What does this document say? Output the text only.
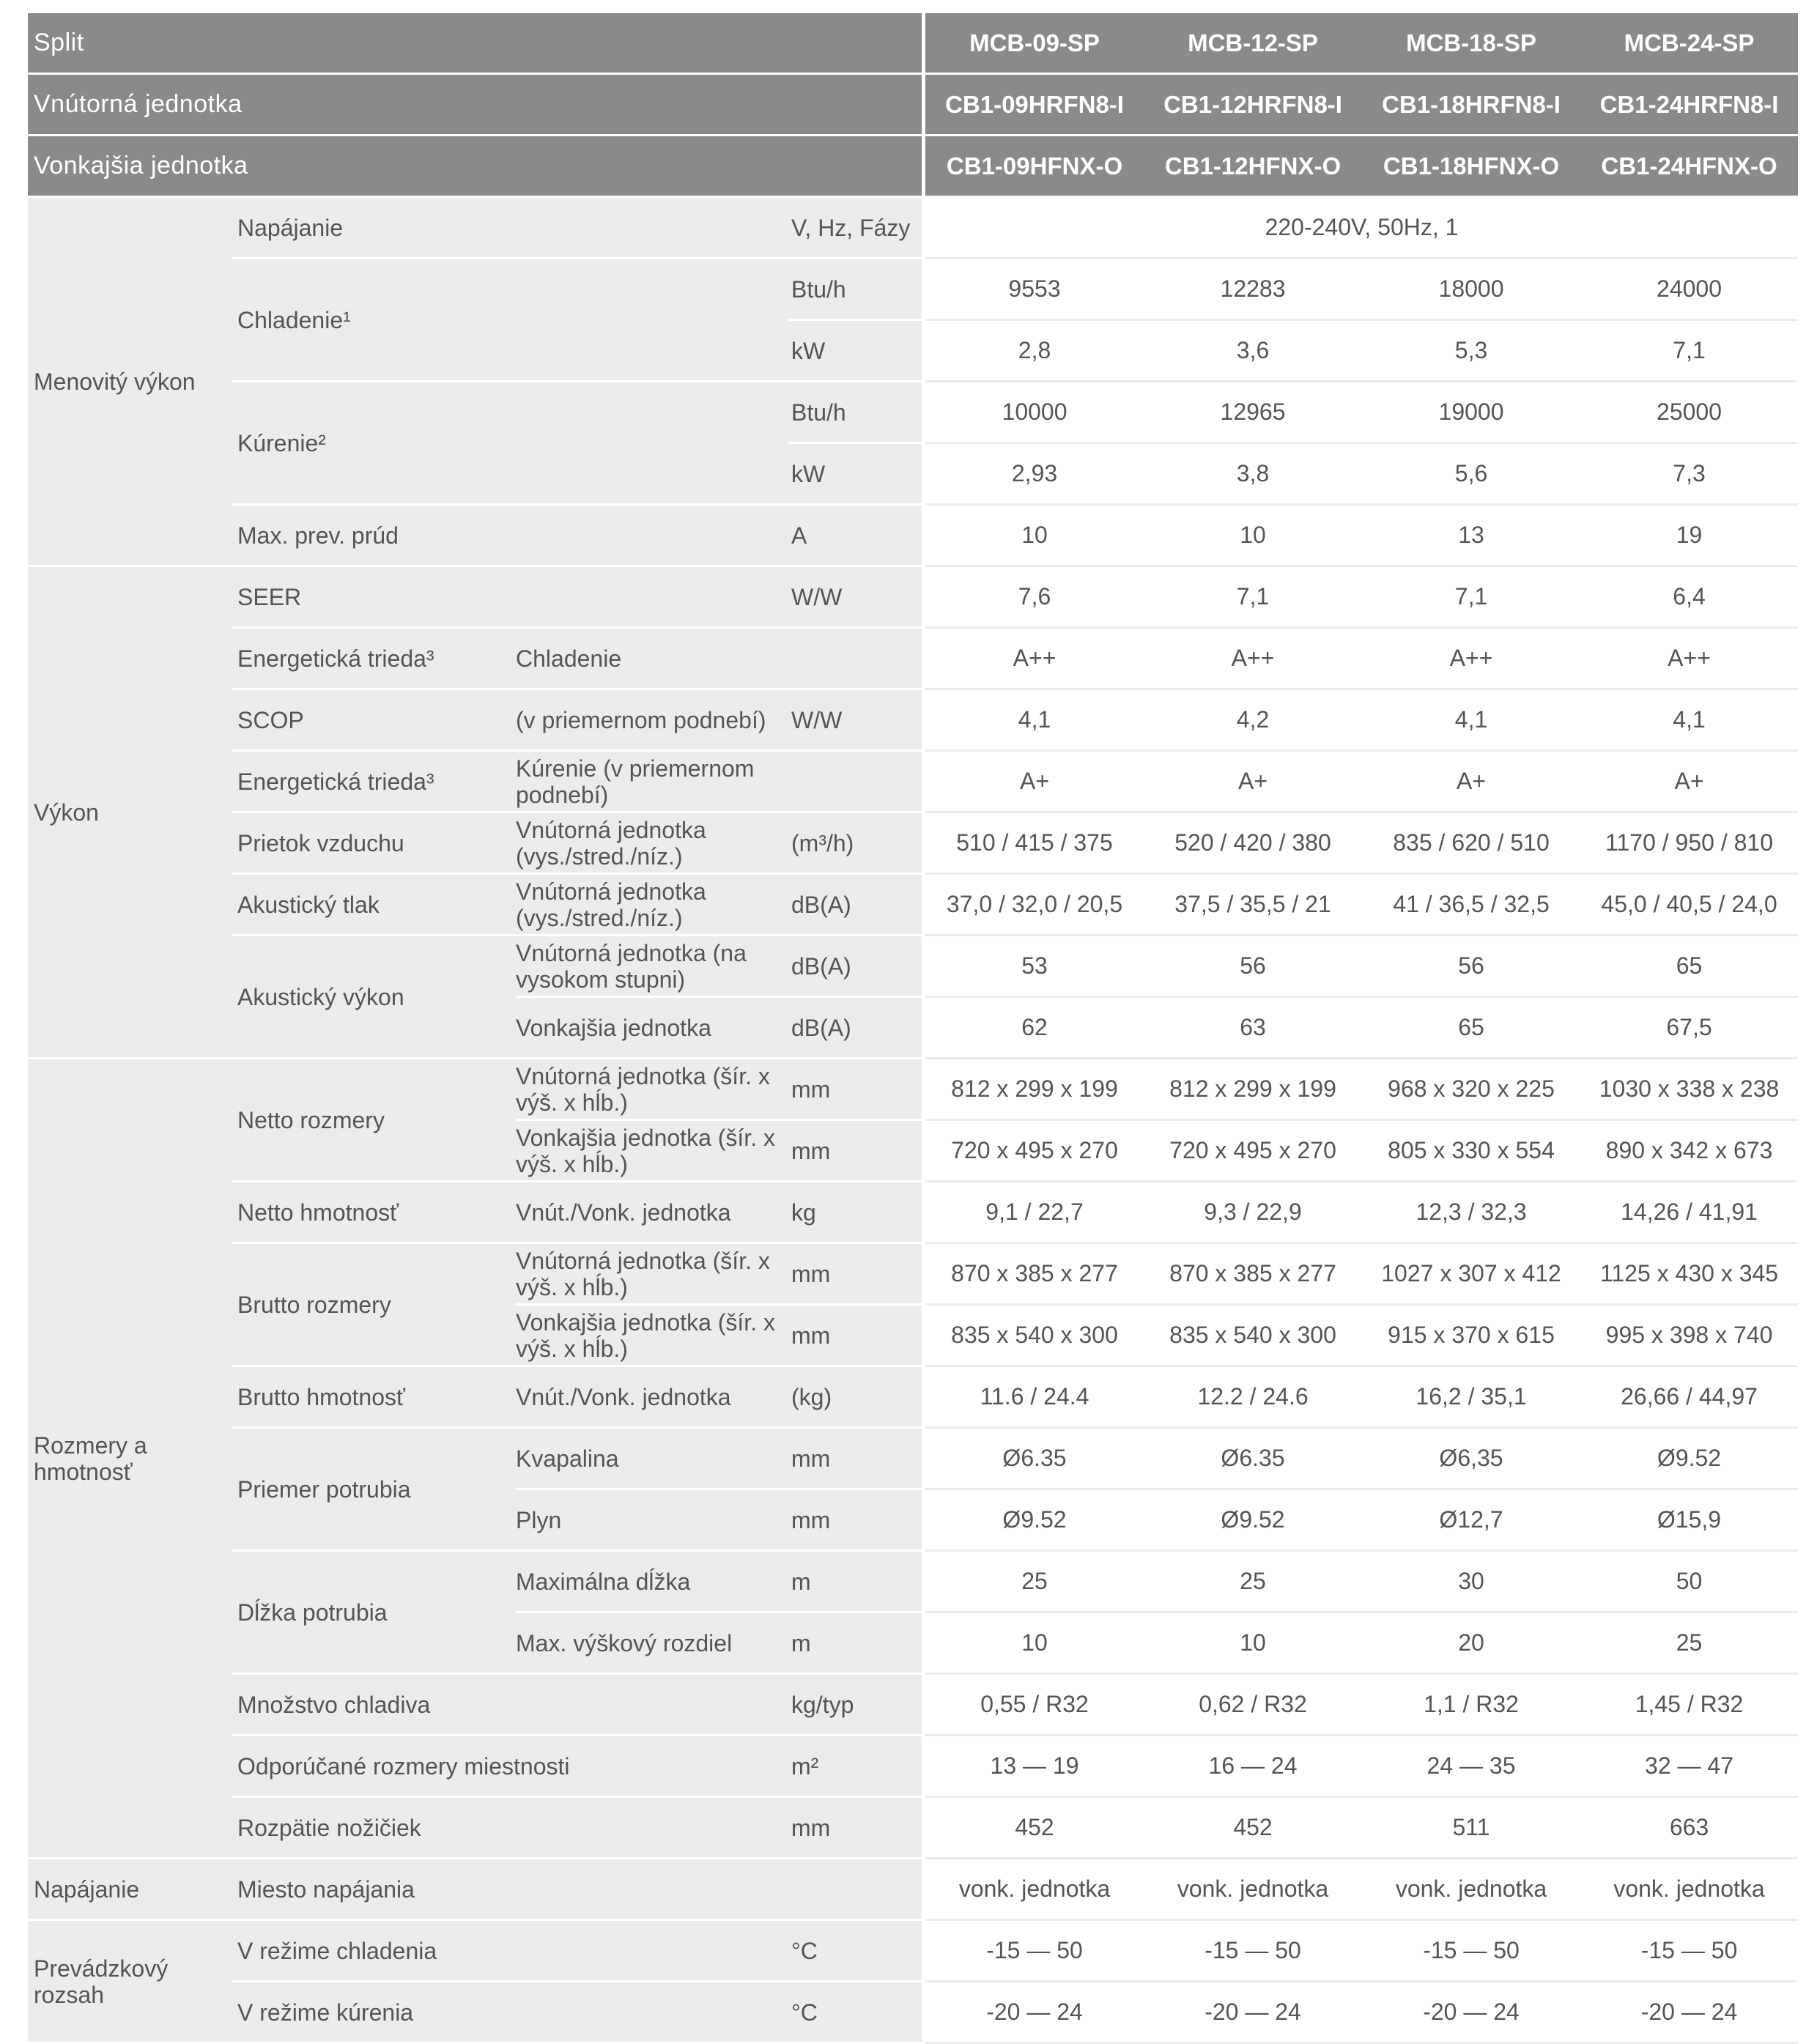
Split					MCB-09-SP	MCB-12-SP	MCB-18-SP	MCB-24-SP
Vnútorná jednotka					CB1-09HRFN8-I	CB1-12HRFN8-I	CB1-18HRFN8-I	CB1-24HRFN8-I
Vonkajšia jednotka					CB1-09HFNX-O	CB1-12HFNX-O	CB1-18HFNX-O	CB1-24HFNX-O
Menovitý výkon	Napájanie		V, Hz, Fázy		220-240V, 50Hz, 1			
	Chladenie¹		Btu/h		9553	12283	18000	24000
			kW		2,8	3,6	5,3	7,1
	Kúrenie²		Btu/h		10000	12965	19000	25000
			kW		2,93	3,8	5,6	7,3
	Max. prev. prúd		A		10	10	13	19
Výkon	SEER		W/W		7,6	7,1	7,1	6,4
	Energetická trieda³	Chladenie			A++	A++	A++	A++
	SCOP	(v priemernom podnebí)	W/W		4,1	4,2	4,1	4,1
	Energetická trieda³	Kúrenie (v priemernom podnebí)			A+	A+	A+	A+
	Prietok vzduchu	Vnútorná jednotka (vys./stred./níz.)	(m³/h)		510 / 415 / 375	520 / 420 / 380	835 / 620 / 510	1170 / 950 / 810
	Akustický tlak	Vnútorná jednotka (vys./stred./níz.)	dB(A)		37,0 / 32,0 / 20,5	37,5 / 35,5 / 21	41 / 36,5 / 32,5	45,0 / 40,5 / 24,0
	Akustický výkon	Vnútorná jednotka (na vysokom stupni)	dB(A)		53	56	56	65
		Vonkajšia jednotka	dB(A)		62	63	65	67,5
Rozmery a hmotnosť	Netto rozmery	Vnútorná jednotka (šír. x výš. x hĺb.)	mm		812 x 299 x 199	812 x 299 x 199	968 x 320 x 225	1030 x 338 x 238
		Vonkajšia jednotka (šír. x výš. x hĺb.)	mm		720 x 495 x 270	720 x 495 x 270	805 x 330 x 554	890 x 342 x 673
	Netto hmotnosť	Vnút./Vonk. jednotka	kg		9,1 / 22,7	9,3 / 22,9	12,3 / 32,3	14,26 / 41,91
	Brutto rozmery	Vnútorná jednotka (šír. x výš. x hĺb.)	mm		870 x 385 x 277	870 x 385 x 277	1027 x 307 x 412	1125 x 430 x 345
		Vonkajšia jednotka (šír. x výš. x hĺb.)	mm		835 x 540 x 300	835 x 540 x 300	915 x 370 x 615	995 x 398 x 740
	Brutto hmotnosť	Vnút./Vonk. jednotka	(kg)		11.6 / 24.4	12.2 / 24.6	16,2 / 35,1	26,66 / 44,97
	Priemer potrubia	Kvapalina	mm		Ø6.35	Ø6.35	Ø6,35	Ø9.52
		Plyn	mm		Ø9.52	Ø9.52	Ø12,7	Ø15,9
	Dĺžka potrubia	Maximálna dĺžka	m		25	25	30	50
		Max. výškový rozdiel	m		10	10	20	25
	Množstvo chladiva		kg/typ		0,55 / R32	0,62 / R32	1,1 / R32	1,45 / R32
	Odporúčané rozmery miestnosti		m²		13 — 19	16 — 24	24 — 35	32 — 47
	Rozpätie nožičiek		mm		452	452	511	663
Napájanie	Miesto napájania				vonk. jednotka	vonk. jednotka	vonk. jednotka	vonk. jednotka
Prevádzkový rozsah	V režime chladenia		°C		-15 — 50	-15 — 50	-15 — 50	-15 — 50
	V režime kúrenia		°C		-20 — 24	-20 — 24	-20 — 24	-20 — 24
